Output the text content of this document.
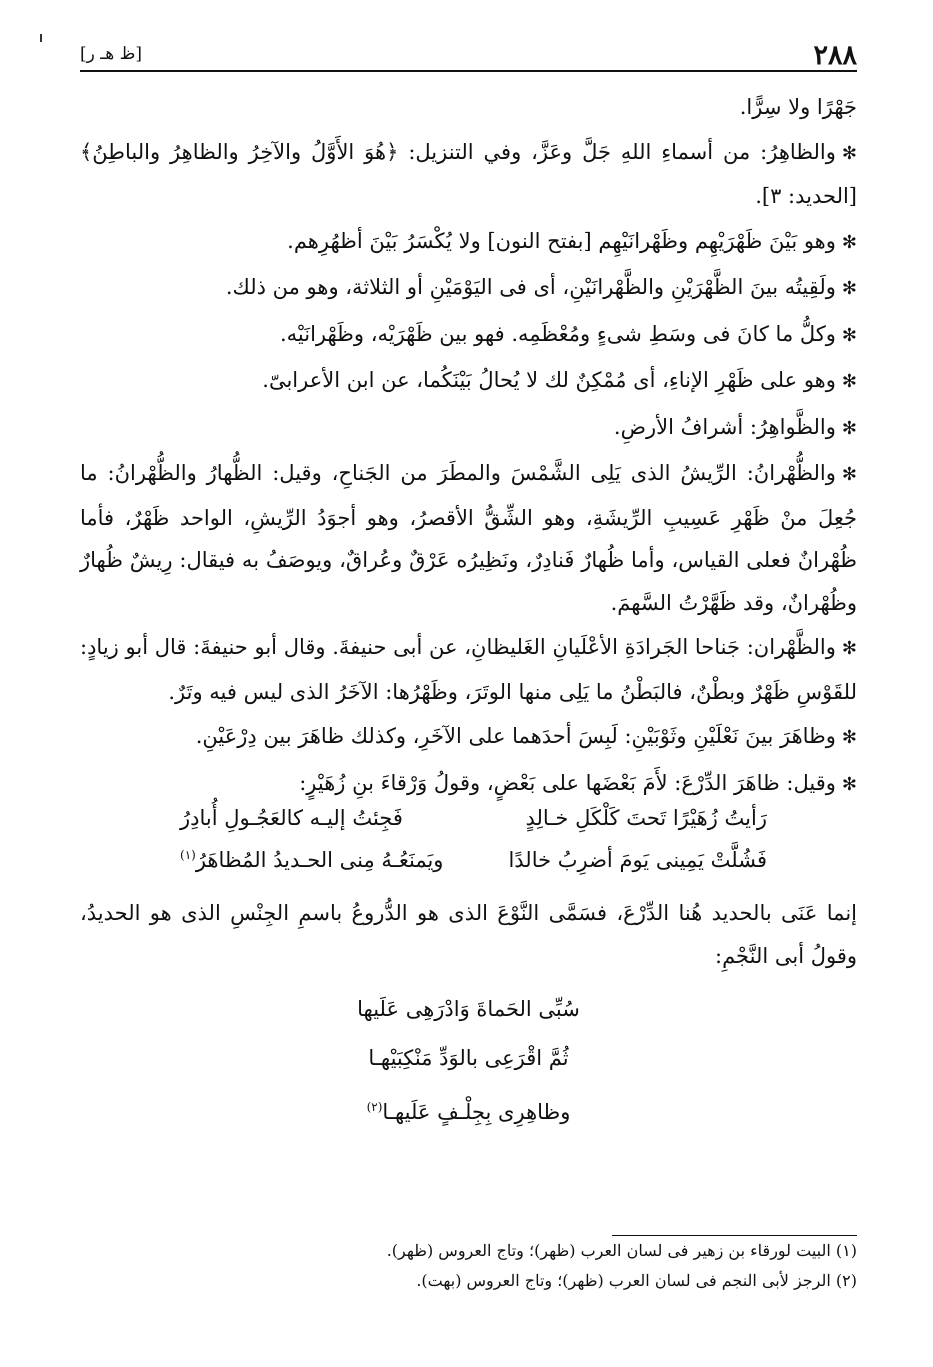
٢٨٨
[ظ هـ ر]

جَهْرًا ولا سِرًّا.

✻والظاهِرُ: من أسماءِ اللهِ جَلَّ وعَزَّ، وفي التنزيل: ﴿هُوَ الأَوَّلُ والآخِرُ والظاهِرُ والباطِنُ﴾ [الحديد: ٣].

✻وهو بَيْنَ ظَهْرَيْهِم وظَهْرانَيْهِم [بفتح النون] ولا يُكْسَرُ بَيْنَ أظهُرِهم.

✻ولَقِيتُه بينَ الظَّهْرَيْنِ والظَّهْرانَيْنِ، أى فى اليَوْمَيْنِ أو الثلاثة، وهو من ذلك.

✻وكلُّ ما كانَ فى وسَطِ شىءٍ ومُعْظَمِه. فهو بين ظَهْرَيْه، وظَهْرانَيْه.

✻وهو على ظَهْرِ الإناءِ، أى مُمْكِنٌ لك لا يُحالُ بَيْنَكُما، عن ابن الأعرابىّ.

✻والظَّواهِرُ: أشرافُ الأرضِ.

✻والظُّهْرانُ: الرِّيشُ الذى يَلِى الشَّمْسَ والمطَرَ من الجَناحِ، وقيل: الظُّهارُ والظُّهْرانُ: ما جُعِلَ منْ ظَهْرِ عَسِيبِ الرِّيشَةِ، وهو الشِّقُّ الأقصرُ، وهو أجوَدُ الرِّيشِ، الواحد ظَهْرٌ، فأما ظُهْرانٌ فعلى القياس، وأما ظُهارٌ فَنادِرٌ، ونَظِيرُه عَرْقٌ وعُراقٌ، ويوصَفُ به فيقال: رِيشٌ ظُهارٌ وظُهْرانٌ، وقد ظَهَّرْتُ السَّهمَ.

✻والظَّهْران: جَناحا الجَرادَةِ الأعْلَيانِ الغَليظانِ، عن أبى حنيفةَ. وقال أبو حنيفةَ: قال أبو زيادٍ: للقَوْسِ ظَهْرٌ وبطْنٌ، فالبَطْنُ ما يَلِى منها الوتَرَ، وظَهْرُها: الآخَرُ الذى ليس فيه وتَرٌ.

✻وظاهَرَ بينَ نَعْلَيْنِ وثَوْبَيْنِ: لَبِسَ أحدَهما على الآخَرِ، وكذلك ظاهَرَ بين دِرْعَيْنِ.

✻وقيل: ظاهَرَ الدِّرْعَ: لأَمَ بَعْضَها على بَعْضٍ، وقولُ وَرْقاءَ بنِ زُهَيْرٍ:

رَأيتُ زُهَيْرًا تَحتَ كَلْكَلِ خـالِدٍ
فَجِئتُ إليـه كالعَجُـولِ أُبادِرُ
فَشُلَّتْ يَمِينى يَومَ أضرِبُ خالدًا
ويَمنَعُـهُ مِنى الحـديدُ المُظاهَرُ$^{(١)}$

إنما عَنَى بالحديد هُنا الدِّرْعَ، فسَمَّى النَّوْعَ الذى هو الدُّروعُ باسمِ الجِنْسِ الذى هو الحديدُ، وقولُ أبى النَّجْمِ:

سُبِّى الحَماةَ وَادْرَهِى عَلَيها
ثُمَّ اقْرَعِى بالوَدِّ مَنْكِبَيْهـا
وظاهِرِى بِجِلْـفٍ عَلَيهـا$^{(٢)}$

(١) البيت لورقاء بن زهير فى لسان العرب (ظهر)؛ وتاج العروس (ظهر).

(٢) الرجز لأبى النجم فى لسان العرب (ظهر)؛ وتاج العروس (بهت).
